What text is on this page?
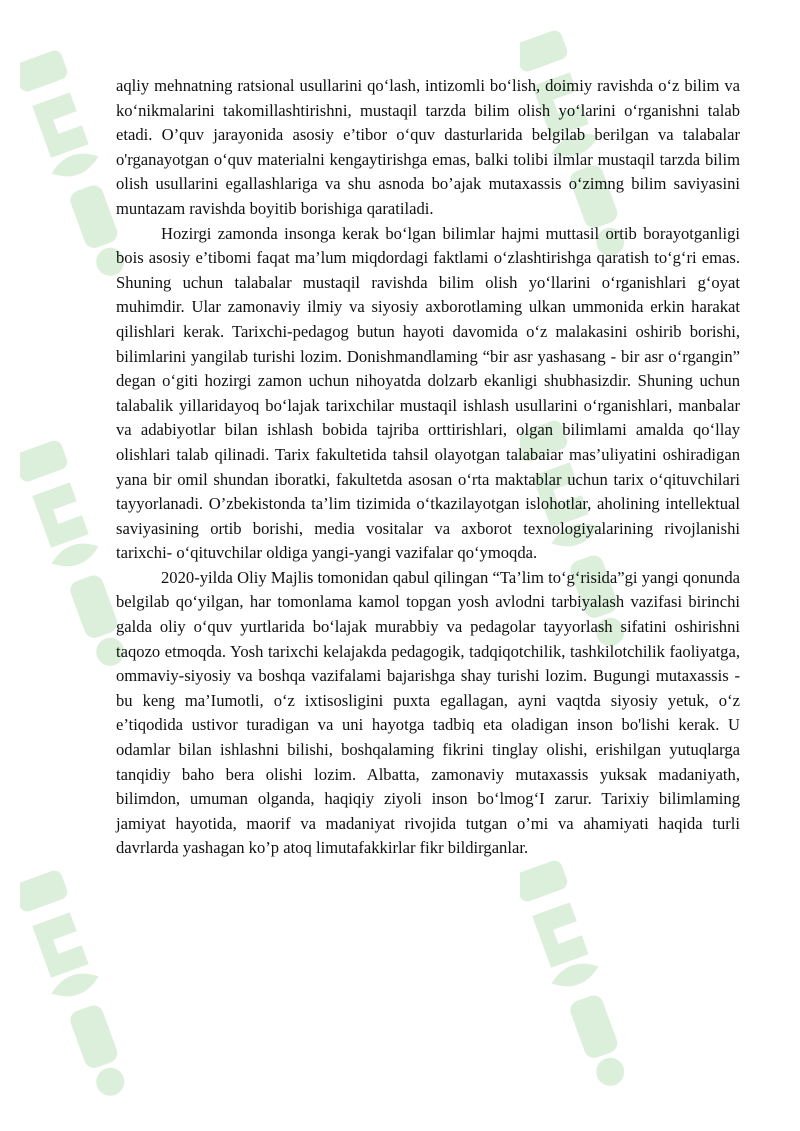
aqliy mehnatning ratsional usullarini qo‘lash, intizomli bo‘lish, doimiy ravishda o‘z bilim va ko‘nikmalarini takomillashtirishni, mustaqil tarzda bilim olish yo‘larini o‘rganishni talab etadi. O’quv jarayonida asosiy e’tibor o‘quv dasturlarida belgilab berilgan va talabalar o'rganayotgan o‘quv materialni kengaytirishga emas, balki tolibi ilmlar mustaqil tarzda bilim olish usullarini egallashlariga va shu asnoda bo’ajak mutaxassis o‘zimng bilim saviyasini muntazam ravishda boyitib borishiga qaratiladi.

Hozirgi zamonda insonga kerak bo‘lgan bilimlar hajmi muttasil ortib borayotganligi bois asosiy e’tibomi faqat ma’lum miqdordagi faktlami o‘zlashtirishga qaratish to‘g‘ri emas. Shuning uchun talabalar mustaqil ravishda bilim olish yo‘llarini o‘rganishlari g‘oyat muhimdir. Ular zamonaviy ilmiy va siyosiy axborotlaming ulkan ummonida erkin harakat qilishlari kerak. Tarixchi-pedagog butun hayoti davomida o‘z malakasini oshirib borishi, bilimlarini yangilab turishi lozim. Donishmandlaming “bir asr yashasang - bir asr o‘rgangin” degan o‘giti hozirgi zamon uchun nihoyatda dolzarb ekanligi shubhasizdir. Shuning uchun talabalik yillaridayoq bo‘lajak tarixchilar mustaqil ishlash usullarini o‘rganishlari, manbalar va adabiyotlar bilan ishlash bobida tajriba orttirishlari, olgan bilimlami amalda qo‘llay olishlari talab qilinadi. Tarix fakultetida tahsil olayotgan talabaiar mas’uliyatini oshiradigan yana bir omil shundan iboratki, fakultetda asosan o‘rta maktablar uchun tarix o‘qituvchilari tayyorlanadi. O’zbekistonda ta’lim tizimida o‘tkazilayotgan islohotlar, aholining intellektual saviyasining ortib borishi, media vositalar va axborot texnologiyalarining rivojlanishi tarixchi- o‘qituvchilar oldiga yangi-yangi vazifalar qo‘ymoqda.

2020-yilda Oliy Majlis tomonidan qabul qilingan “Ta’lim to‘g‘risida”gi yangi qonunda belgilab qo‘yilgan, har tomonlama kamol topgan yosh avlodni tarbiyalash vazifasi birinchi galda oliy o‘quv yurtlarida bo‘lajak murabbiy va pedagolar tayyorlash sifatini oshirishni taqozo etmoqda. Yosh tarixchi kelajakda pedagogik, tadqiqotchilik, tashkilotchilik faoliyatga, ommaviy-siyosiy va boshqa vazifalami bajarishga shay turishi lozim. Bugungi mutaxassis - bu keng ma’Iumotli, o‘z ixtisosligini puxta egallagan, ayni vaqtda siyosiy yetuk, o‘z e’tiqodida ustivor turadigan va uni hayotga tadbiq eta oladigan inson bo'lishi kerak. U odamlar bilan ishlashni bilishi, boshqalaming fikrini tinglay olishi, erishilgan yutuqlarga tanqidiy baho bera olishi lozim. Albatta, zamonaviy mutaxassis yuksak madaniyath, bilimdon, umuman olganda, haqiqiy ziyoli inson bo‘lmog‘I zarur. Tarixiy bilimlaming jamiyat hayotida, maorif va madaniyat rivojida tutgan o’mi va ahamiyati haqida turli davrlarda yashagan ko’p atoq limutafakkirlar fikr bildirganlar.
